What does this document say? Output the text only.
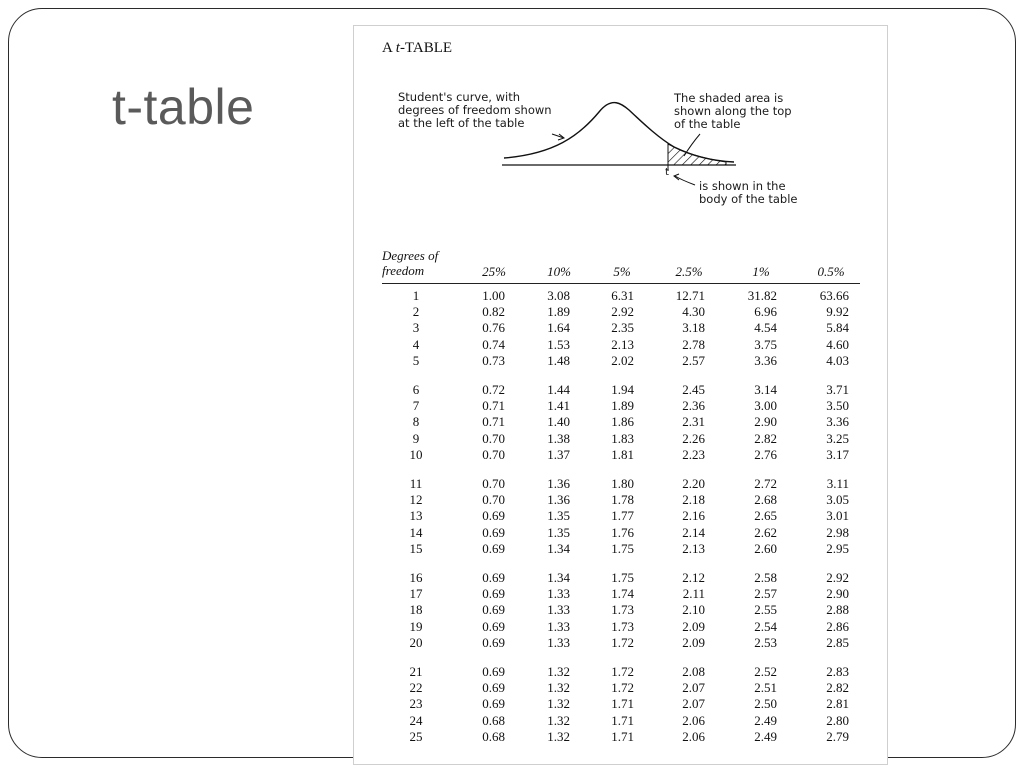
t-table
A t-TABLE
Student's curve, with
degrees of freedom shown
at the left of the table
The shaded area is
shown along the top
of the table
t
is shown in the
body of the table
Degrees of
freedom	25%	10%	5%	2.5%	1%	0.5%
1	1.00	3.08	6.31	12.71	31.82	63.66
2	0.82	1.89	2.92	4.30	6.96	9.92
3	0.76	1.64	2.35	3.18	4.54	5.84
4	0.74	1.53	2.13	2.78	3.75	4.60
5	0.73	1.48	2.02	2.57	3.36	4.03
6	0.72	1.44	1.94	2.45	3.14	3.71
7	0.71	1.41	1.89	2.36	3.00	3.50
8	0.71	1.40	1.86	2.31	2.90	3.36
9	0.70	1.38	1.83	2.26	2.82	3.25
10	0.70	1.37	1.81	2.23	2.76	3.17
11	0.70	1.36	1.80	2.20	2.72	3.11
12	0.70	1.36	1.78	2.18	2.68	3.05
13	0.69	1.35	1.77	2.16	2.65	3.01
14	0.69	1.35	1.76	2.14	2.62	2.98
15	0.69	1.34	1.75	2.13	2.60	2.95
16	0.69	1.34	1.75	2.12	2.58	2.92
17	0.69	1.33	1.74	2.11	2.57	2.90
18	0.69	1.33	1.73	2.10	2.55	2.88
19	0.69	1.33	1.73	2.09	2.54	2.86
20	0.69	1.33	1.72	2.09	2.53	2.85
21	0.69	1.32	1.72	2.08	2.52	2.83
22	0.69	1.32	1.72	2.07	2.51	2.82
23	0.69	1.32	1.71	2.07	2.50	2.81
24	0.68	1.32	1.71	2.06	2.49	2.80
25	0.68	1.32	1.71	2.06	2.49	2.79
